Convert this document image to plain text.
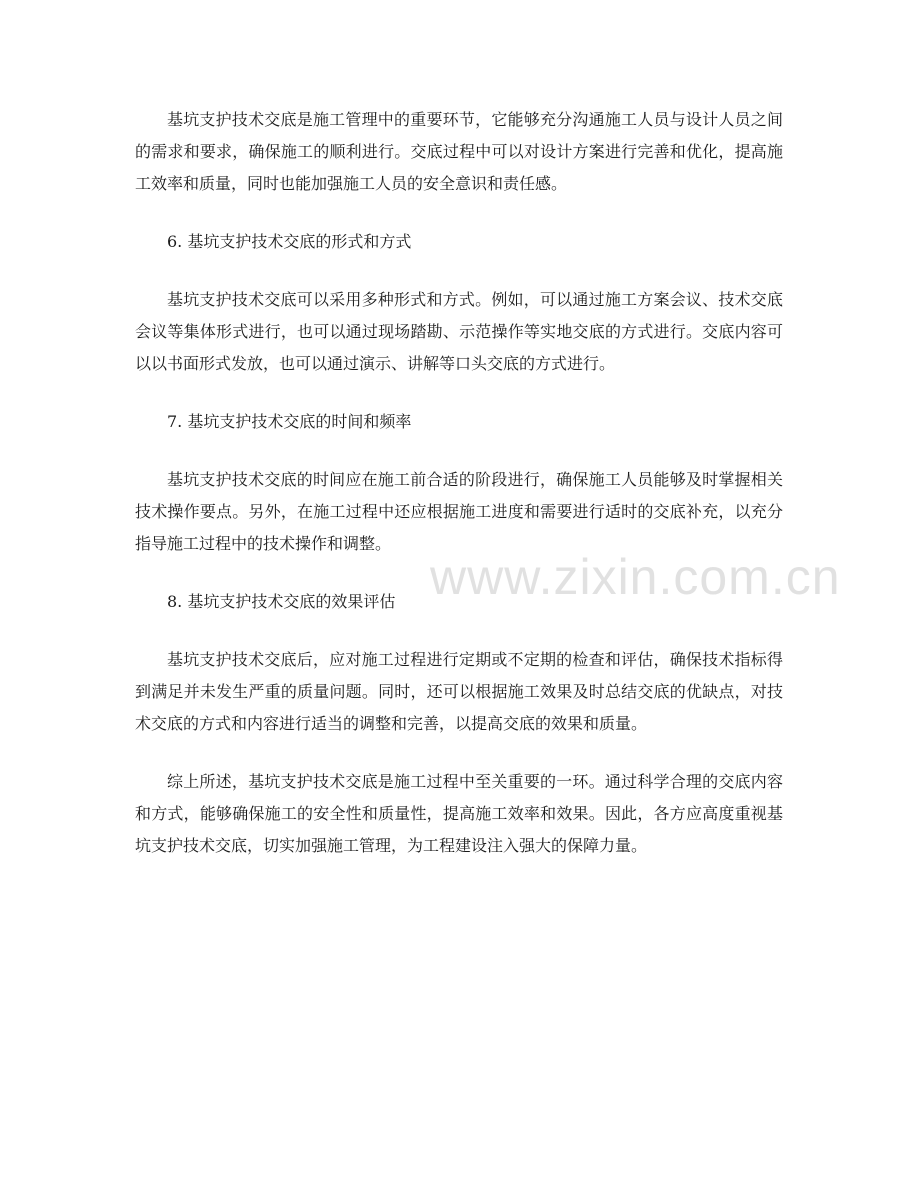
基坑支护技术交底是施工管理中的重要环节，它能够充分沟通施工人员与设计人员之间的需求和要求，确保施工的顺利进行。交底过程中可以对设计方案进行完善和优化，提高施工效率和质量，同时也能加强施工人员的安全意识和责任感。

6. 基坑支护技术交底的形式和方式

基坑支护技术交底可以采用多种形式和方式。例如，可以通过施工方案会议、技术交底会议等集体形式进行，也可以通过现场踏勘、示范操作等实地交底的方式进行。交底内容可以以书面形式发放，也可以通过演示、讲解等口头交底的方式进行。

7. 基坑支护技术交底的时间和频率

基坑支护技术交底的时间应在施工前合适的阶段进行，确保施工人员能够及时掌握相关技术操作要点。另外，在施工过程中还应根据施工进度和需要进行适时的交底补充，以充分指导施工过程中的技术操作和调整。

8. 基坑支护技术交底的效果评估

基坑支护技术交底后，应对施工过程进行定期或不定期的检查和评估，确保技术指标得到满足并未发生严重的质量问题。同时，还可以根据施工效果及时总结交底的优缺点，对技术交底的方式和内容进行适当的调整和完善，以提高交底的效果和质量。

综上所述，基坑支护技术交底是施工过程中至关重要的一环。通过科学合理的交底内容和方式，能够确保施工的安全性和质量性，提高施工效率和效果。因此，各方应高度重视基坑支护技术交底，切实加强施工管理，为工程建设注入强大的保障力量。

www.zixin.com.cn
